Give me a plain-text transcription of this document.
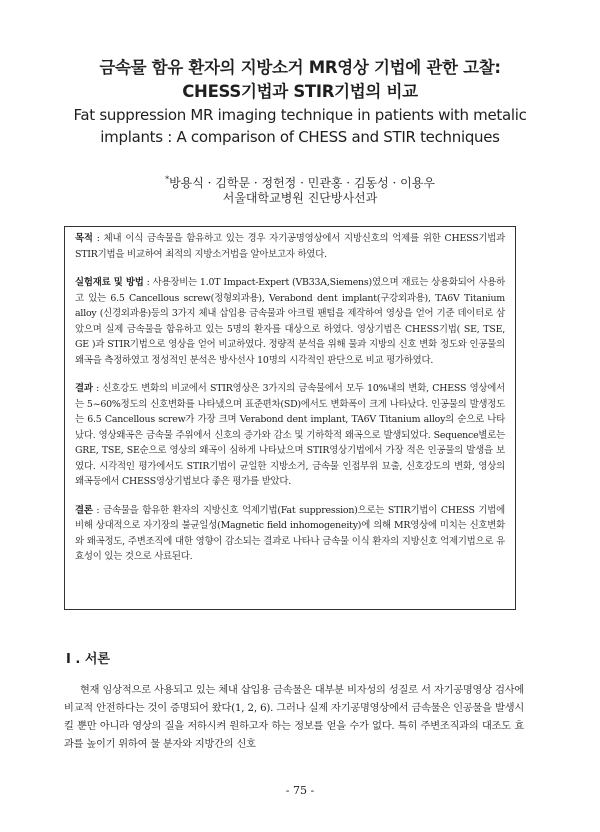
금속물 함유 환자의 지방소거 MR영상 기법에 관한 고찰:
CHESS기법과 STIR기법의 비교
Fat suppression MR imaging technique in patients with metalic
implants : A comparison of CHESS and STIR techniques
*방용식 · 김학문 · 정헌정 · 민관홍 · 김동성 · 이용우
서울대학교병원 진단방사선과

목적 : 체내 이식 금속물을 함유하고 있는 경우 자기공명영상에서 지방신호의 억제를 위한 CHESS기법과 STIR기법을 비교하여 최적의 지방소거법을 알아보고자 하였다.

실험재료 및 방법 : 사용장비는 1.0T Impact-Expert (VB33A,Siemens)였으며 재료는 상용화되어 사용하고 있는 6.5 Cancellous screw(정형외과용), Verabond dent implant(구강외과용), TA6V Titanium alloy (신경외과용)등의 3가지 체내 삽입용 금속물과 아크릴 팬텀을 제작하여 영상을 얻어 기준 데이터로 삼았으며 실제 금속물을 함유하고 있는 5명의 환자를 대상으로 하였다. 영상기법은 CHESS기법( SE, TSE, GE )과 STIR기법으로 영상을 얻어 비교하였다. 정량적 분석을 위해 물과 지방의 신호 변화 정도와 인공물의 왜곡을 측정하였고 정성적인 분석은 방사선사 10명의 시각적인 판단으로 비교 평가하였다.

결과 : 신호강도 변화의 비교에서 STIR영상은 3가지의 금속물에서 모두 10%내의 변화, CHESS 영상에서는 5~60%정도의 신호변화를 나타냈으며 표준편차(SD)에서도 변화폭이 크게 나타났다. 인공물의 발생정도는 6.5 Cancellous screw가 가장 크며 Verabond dent implant, TA6V Titanium alloy의 순으로 나타났다. 영상왜곡은 금속물 주위에서 신호의 증가와 감소 및 기하학적 왜곡으로 발생되었다. Sequence별로는 GRE, TSE, SE순으로 영상의 왜곡이 심하게 나타났으며 STIR영상기법에서 가장 적은 인공물의 발생을 보였다. 시각적인 평가에서도 STIR기법이 균일한 지방소거, 금속물 인접부위 묘출, 신호강도의 변화, 영상의 왜곡등에서 CHESS영상기법보다 좋은 평가를 받았다.

결론 : 금속물을 함유한 환자의 지방신호 억제기법(Fat suppression)으로는 STIR기법이 CHESS 기법에 비해 상대적으로 자기장의 불균일성(Magnetic field inhomogeneity)에 의해 MR영상에 미치는 신호변화와 왜곡정도, 주변조직에 대한 영향이 감소되는 결과로 나타나 금속물 이식 환자의 지방신호 억제기법으로 유효성이 있는 것으로 사료된다.

I . 서론
현재 임상적으로 사용되고 있는 체내 삽입용 금속물은 대부분 비자성의 성질로 서 자기공명영상 검사에 비교적 안전하다는 것이 증명되어 왔다(1, 2, 6). 그러나 실제 자기공명영상에서 금속물은 인공물을 발생시킬 뿐만 아니라 영상의 질을 저하시켜 원하고자 하는 정보를 얻을 수가 없다. 특히 주변조직과의 대조도 효과를 높이기 위하여 물 분자와 지방간의 신호
- 75 -
